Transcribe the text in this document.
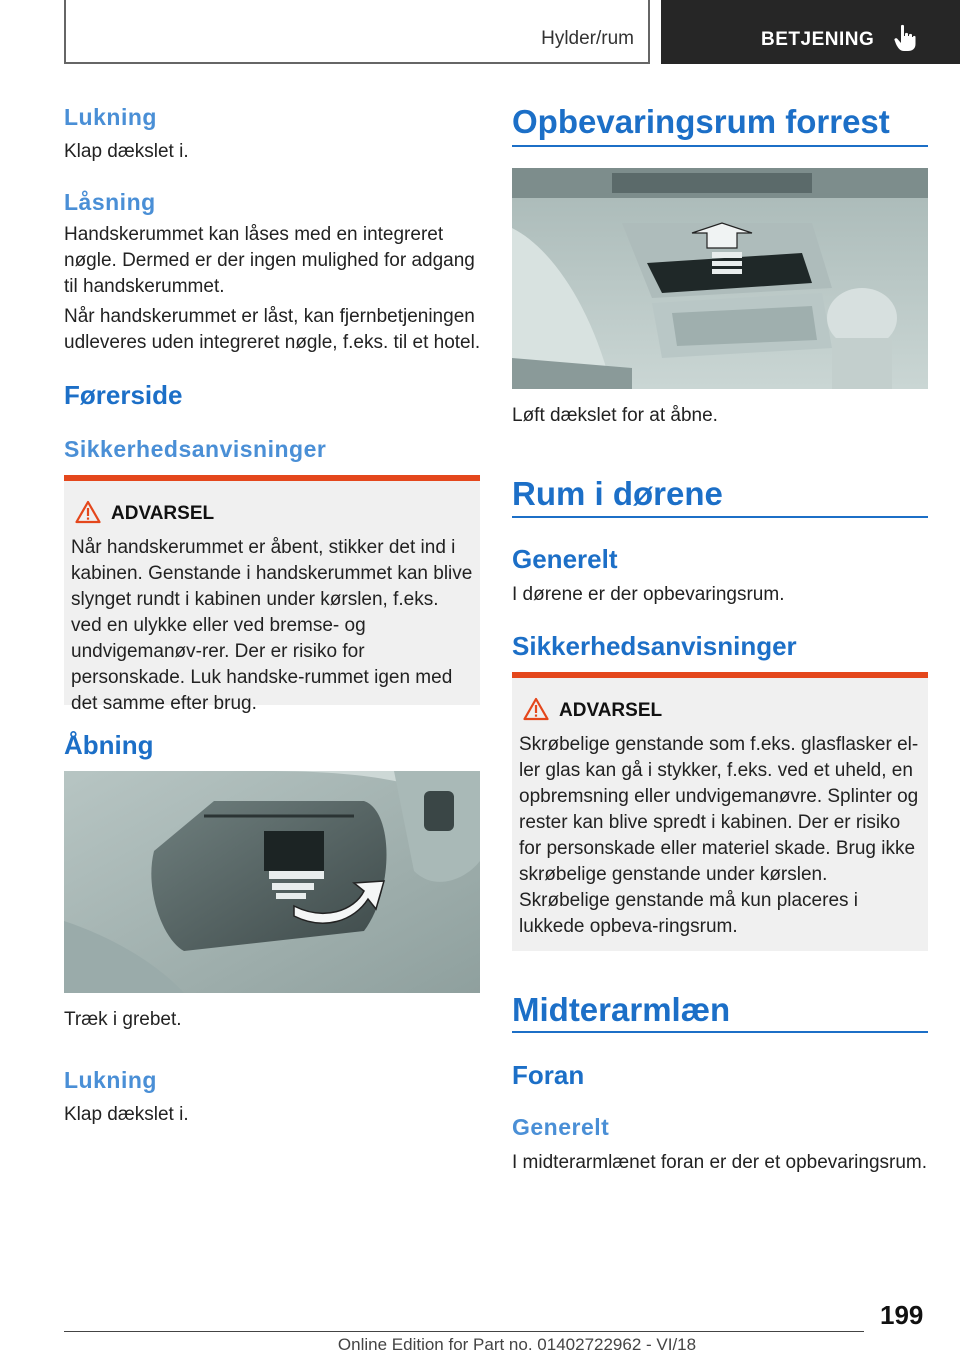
Hylder/rum	BETJENING
Lukning
Klap dækslet i.
Låsning
Handskerummet kan låses med en integreret nøgle. Dermed er der ingen mulighed for adgang til handskerummet.
Når handskerummet er låst, kan fjernbetjeningen udleveres uden integreret nøgle, f.eks. til et hotel.
Førerside
Sikkerhedsanvisninger
ADVARSEL
Når handskerummet er åbent, stikker det ind i kabinen. Genstande i handskerummet kan blive slynget rundt i kabinen under kørslen, f.eks. ved en ulykke eller ved bremse- og undvigemanøv-rer. Der er risiko for personskade. Luk handske-rummet igen med det samme efter brug.
Åbning
Træk i grebet.
Lukning
Klap dækslet i.
Opbevaringsrum forrest
Løft dækslet for at åbne.
Rum i dørene
Generelt
I dørene er der opbevaringsrum.
Sikkerhedsanvisninger
ADVARSEL
Skrøbelige genstande som f.eks. glasflasker el-ler glas kan gå i stykker, f.eks. ved et uheld, en opbremsning eller undvigemanøvre. Splinter og rester kan blive spredt i kabinen. Der er risiko for personskade eller materiel skade. Brug ikke skrøbelige genstande under kørslen. Skrøbelige genstande må kun placeres i lukkede opbeva-ringsrum.
Midterarmlæn
Foran
Generelt
I midterarmlænet foran er der et opbevaringsrum.
199
Online Edition for Part no. 01402722962 - VI/18
